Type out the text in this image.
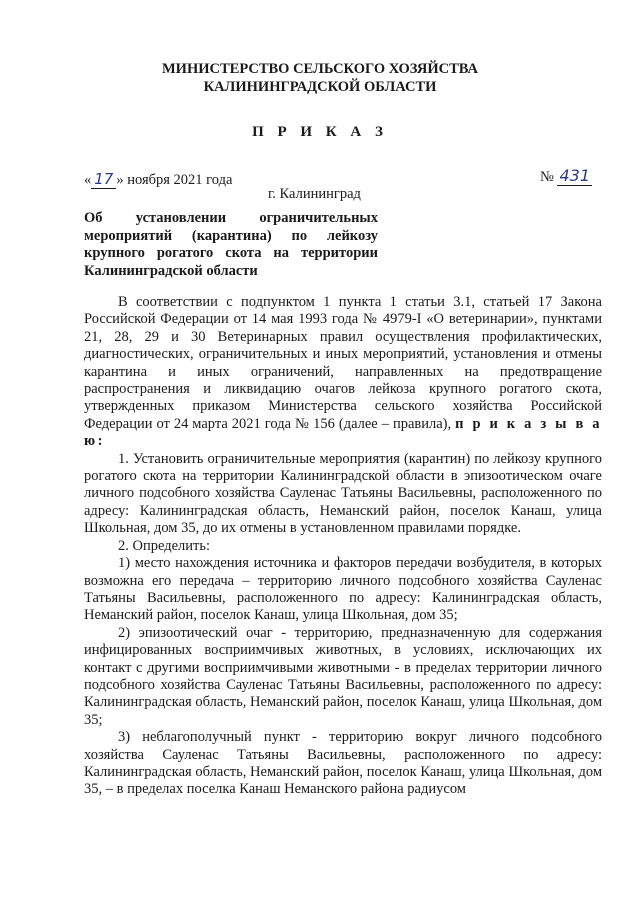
МИНИСТЕРСТВО СЕЛЬСКОГО ХОЗЯЙСТВА
КАЛИНИНГРАДСКОЙ ОБЛАСТИ
П Р И К А З
« 17 » ноября 2021 года	№ 431
г. Калининград
Об установлении ограничительных мероприятий (карантина) по лейкозу крупного рогатого скота на территории Калининградской области

В соответствии с подпунктом 1 пункта 1 статьи 3.1, статьей 17 Закона Российской Федерации от 14 мая 1993 года № 4979-I «О ветеринарии», пунктами 21, 28, 29 и 30 Ветеринарных правил осуществления профилактических, диагностических, ограничительных и иных мероприятий, установления и отмены карантина и иных ограничений, направленных на предотвращение распространения и ликвидацию очагов лейкоза крупного рогатого скота, утвержденных приказом Министерства сельского хозяйства Российской Федерации от 24 марта 2021 года № 156 (далее – правила), п р и к а з ы в а ю:

1. Установить ограничительные мероприятия (карантин) по лейкозу крупного рогатого скота на территории Калининградской области в эпизоотическом очаге личного подсобного хозяйства Сауленас Татьяны Васильевны, расположенного по адресу: Калининградская область, Неманский район, поселок Канаш, улица Школьная, дом 35, до их отмены в установленном правилами порядке.

2. Определить:

1) место нахождения источника и факторов передачи возбудителя, в которых возможна его передача – территорию личного подсобного хозяйства Сауленас Татьяны Васильевны, расположенного по адресу: Калининградская область, Неманский район, поселок Канаш, улица Школьная, дом 35;

2) эпизоотический очаг - территорию, предназначенную для содержания инфицированных восприимчивых животных, в условиях, исключающих их контакт с другими восприимчивыми животными - в пределах территории личного подсобного хозяйства Сауленас Татьяны Васильевны, расположенного по адресу: Калининградская область, Неманский район, поселок Канаш, улица Школьная, дом 35;

3) неблагополучный пункт - территорию вокруг личного подсобного хозяйства Сауленас Татьяны Васильевны, расположенного по адресу: Калининградская область, Неманский район, поселок Канаш, улица Школьная, дом 35, – в пределах поселка Канаш Неманского района радиусом
